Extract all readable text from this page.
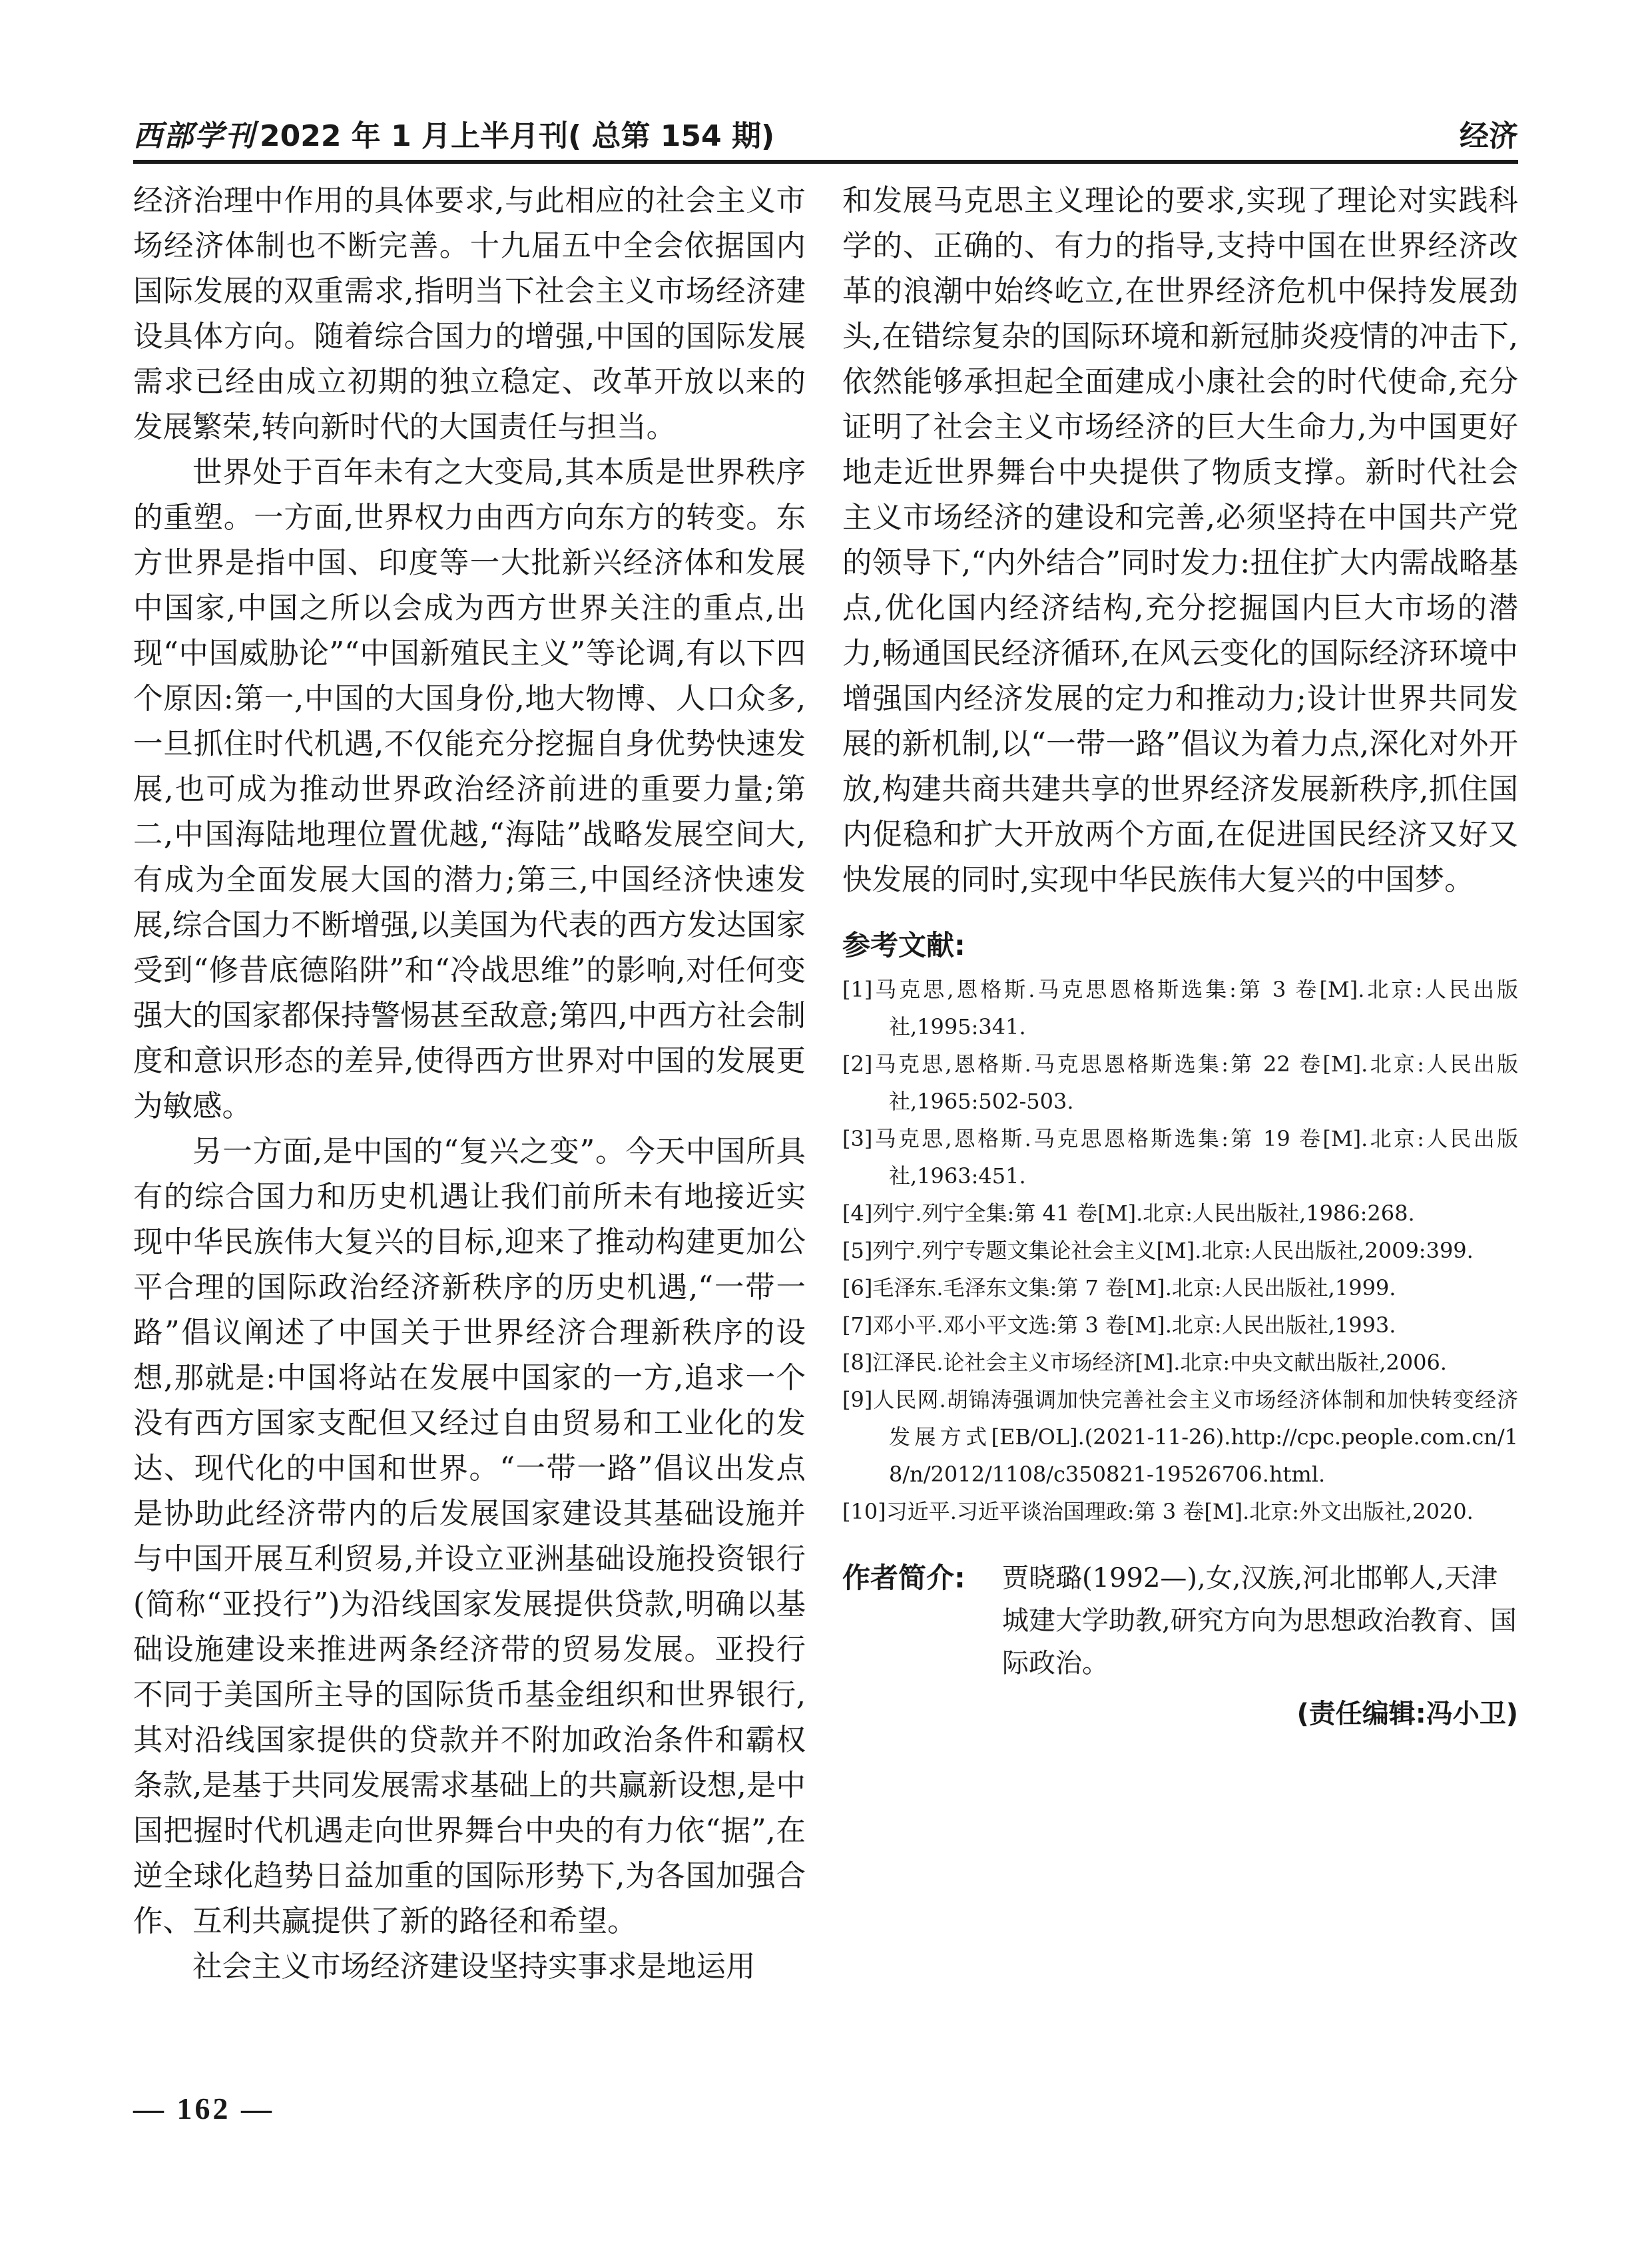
西部学刊 2022 年 1 月上半月刊( 总第 154 期)	经济

经济治理中作用的具体要求,与此相应的社会主义市场经济体制也不断完善。十九届五中全会依据国内国际发展的双重需求,指明当下社会主义市场经济建设具体方向。随着综合国力的增强,中国的国际发展需求已经由成立初期的独立稳定、改革开放以来的发展繁荣,转向新时代的大国责任与担当。

世界处于百年未有之大变局,其本质是世界秩序的重塑。一方面,世界权力由西方向东方的转变。东方世界是指中国、印度等一大批新兴经济体和发展中国家,中国之所以会成为西方世界关注的重点,出现“中国威胁论”“中国新殖民主义”等论调,有以下四个原因:第一,中国的大国身份,地大物博、人口众多,一旦抓住时代机遇,不仅能充分挖掘自身优势快速发展,也可成为推动世界政治经济前进的重要力量;第二,中国海陆地理位置优越,“海陆”战略发展空间大,有成为全面发展大国的潜力;第三,中国经济快速发展,综合国力不断增强,以美国为代表的西方发达国家受到“修昔底德陷阱”和“冷战思维”的影响,对任何变强大的国家都保持警惕甚至敌意;第四,中西方社会制度和意识形态的差异,使得西方世界对中国的发展更为敏感。

另一方面,是中国的“复兴之变”。今天中国所具有的综合国力和历史机遇让我们前所未有地接近实现中华民族伟大复兴的目标,迎来了推动构建更加公平合理的国际政治经济新秩序的历史机遇,“一带一路”倡议阐述了中国关于世界经济合理新秩序的设想,那就是:中国将站在发展中国家的一方,追求一个没有西方国家支配但又经过自由贸易和工业化的发达、现代化的中国和世界。“一带一路”倡议出发点是协助此经济带内的后发展国家建设其基础设施并与中国开展互利贸易,并设立亚洲基础设施投资银行(简称“亚投行”)为沿线国家发展提供贷款,明确以基础设施建设来推进两条经济带的贸易发展。亚投行不同于美国所主导的国际货币基金组织和世界银行,其对沿线国家提供的贷款并不附加政治条件和霸权条款,是基于共同发展需求基础上的共赢新设想,是中国把握时代机遇走向世界舞台中央的有力依“据”,在逆全球化趋势日益加重的国际形势下,为各国加强合作、互利共赢提供了新的路径和希望。

社会主义市场经济建设坚持实事求是地运用

和发展马克思主义理论的要求,实现了理论对实践科学的、正确的、有力的指导,支持中国在世界经济改革的浪潮中始终屹立,在世界经济危机中保持发展劲头,在错综复杂的国际环境和新冠肺炎疫情的冲击下,依然能够承担起全面建成小康社会的时代使命,充分证明了社会主义市场经济的巨大生命力,为中国更好地走近世界舞台中央提供了物质支撑。新时代社会主义市场经济的建设和完善,必须坚持在中国共产党的领导下,“内外结合”同时发力:扭住扩大内需战略基点,优化国内经济结构,充分挖掘国内巨大市场的潜力,畅通国民经济循环,在风云变化的国际经济环境中增强国内经济发展的定力和推动力;设计世界共同发展的新机制,以“一带一路”倡议为着力点,深化对外开放,构建共商共建共享的世界经济发展新秩序,抓住国内促稳和扩大开放两个方面,在促进国民经济又好又快发展的同时,实现中华民族伟大复兴的中国梦。

参考文献:

[1]马克思,恩格斯.马克思恩格斯选集:第 3 卷[M].北京:人民出版社,1995:341.

[2]马克思,恩格斯.马克思恩格斯选集:第 22 卷[M].北京:人民出版社,1965:502-503.

[3]马克思,恩格斯.马克思恩格斯选集:第 19 卷[M].北京:人民出版社,1963:451.

[4]列宁.列宁全集:第 41 卷[M].北京:人民出版社,1986:268.

[5]列宁.列宁专题文集论社会主义[M].北京:人民出版社,2009:399.

[6]毛泽东.毛泽东文集:第 7 卷[M].北京:人民出版社,1999.

[7]邓小平.邓小平文选:第 3 卷[M].北京:人民出版社,1993.

[8]江泽民.论社会主义市场经济[M].北京:中央文献出版社,2006.

[9]人民网.胡锦涛强调加快完善社会主义市场经济体制和加快转变经济发展方式[EB/OL].(2021-11-26).http://cpc.people.com.cn/18/n/2012/1108/c350821-19526706.html.

[10]习近平.习近平谈治国理政:第 3 卷[M].北京:外文出版社,2020.

作者简介: 贾晓璐(1992—),女,汉族,河北邯郸人,天津城建大学助教,研究方向为思想政治教育、国际政治。
(责任编辑:冯小卫)
— 162 —
